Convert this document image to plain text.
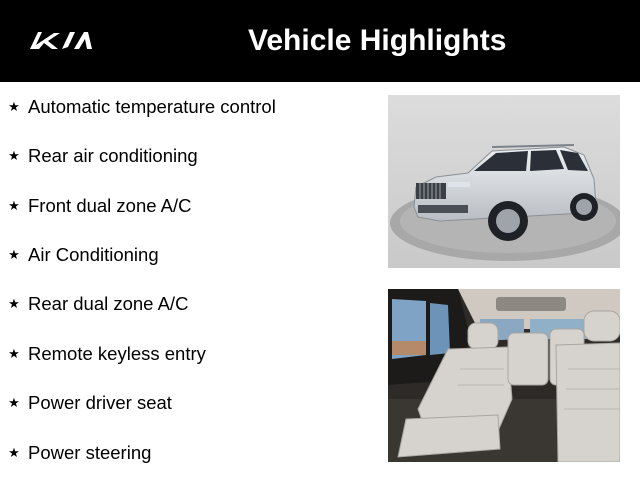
Vehicle Highlights
★ Automatic temperature control
★ Rear air conditioning
★ Front dual zone A/C
★ Air Conditioning
★ Rear dual zone A/C
★ Remote keyless entry
★ Power driver seat
★ Power steering
